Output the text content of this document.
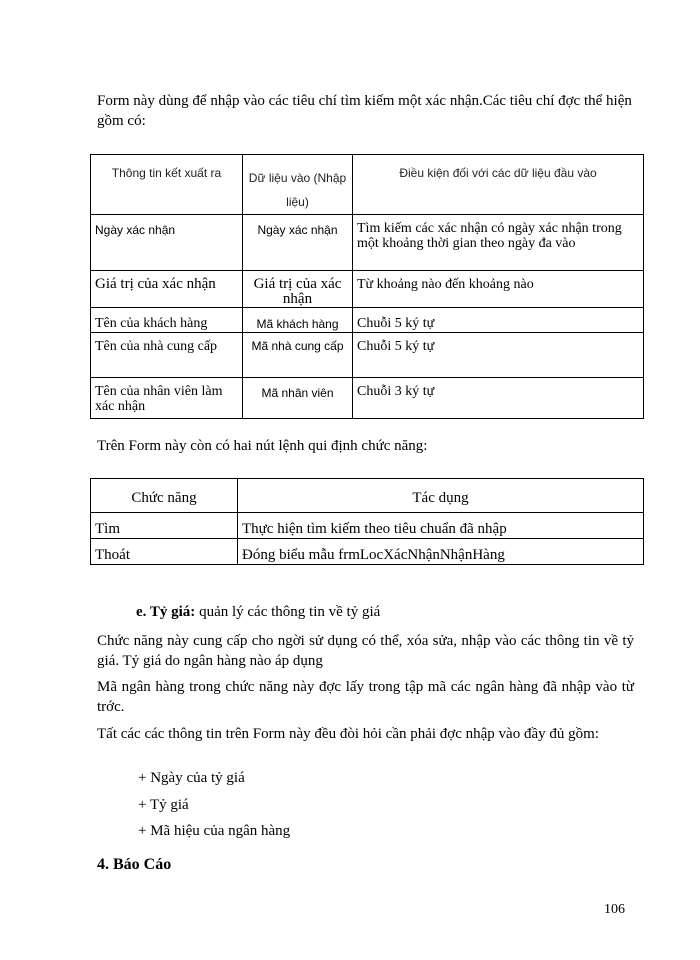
Form này dùng để nhập vào các tiêu chí tìm kiếm một xác nhận.Các tiêu chí đợc thể hiện gồm có:
Thông tin kết xuất ra	Dữ liệu vào (Nhập liệu)	Điều kiện đối với các dữ liệu đầu vào
Ngày xác nhận	Ngày xác nhận	Tìm kiếm các xác nhận có ngày xác nhận trong một khoảng thời gian theo ngày đa vào
Giá trị của xác nhận	Giá trị của xác nhận	Từ khoảng nào đến khoảng nào
Tên của khách hàng	Mã khách hàng	Chuỗi 5 ký tự
Tên của nhà cung cấp	Mã nhà cung cấp	Chuỗi 5 ký tự
Tên của nhân viên làm xác nhận	Mã nhân viên	Chuỗi 3 ký tự
Trên Form này còn có hai nút lệnh qui định chức năng:
Chức năng	Tác dụng
Tìm	Thực hiện tìm kiếm theo tiêu chuẩn đã nhập
Thoát	Đóng biểu mẫu frmLocXácNhậnNhậnHàng
e. Tỷ giá: quản lý các thông tin về tỷ giá
Chức năng này cung cấp cho ngời sử dụng có thể, xóa sửa, nhập vào các thông tin về tỷ giá. Tỷ giá do ngân hàng nào áp dụng
Mã ngân hàng trong chức năng này đợc lấy trong tập mã các ngân hàng đã nhập vào từ trớc.
Tất các các thông tin trên Form này đều đòi hỏi cần phải đợc nhập vào đầy đủ gồm:
+ Ngày của tỷ giá
+ Tỷ giá
+ Mã hiệu của ngân hàng
4. Báo Cáo
106
